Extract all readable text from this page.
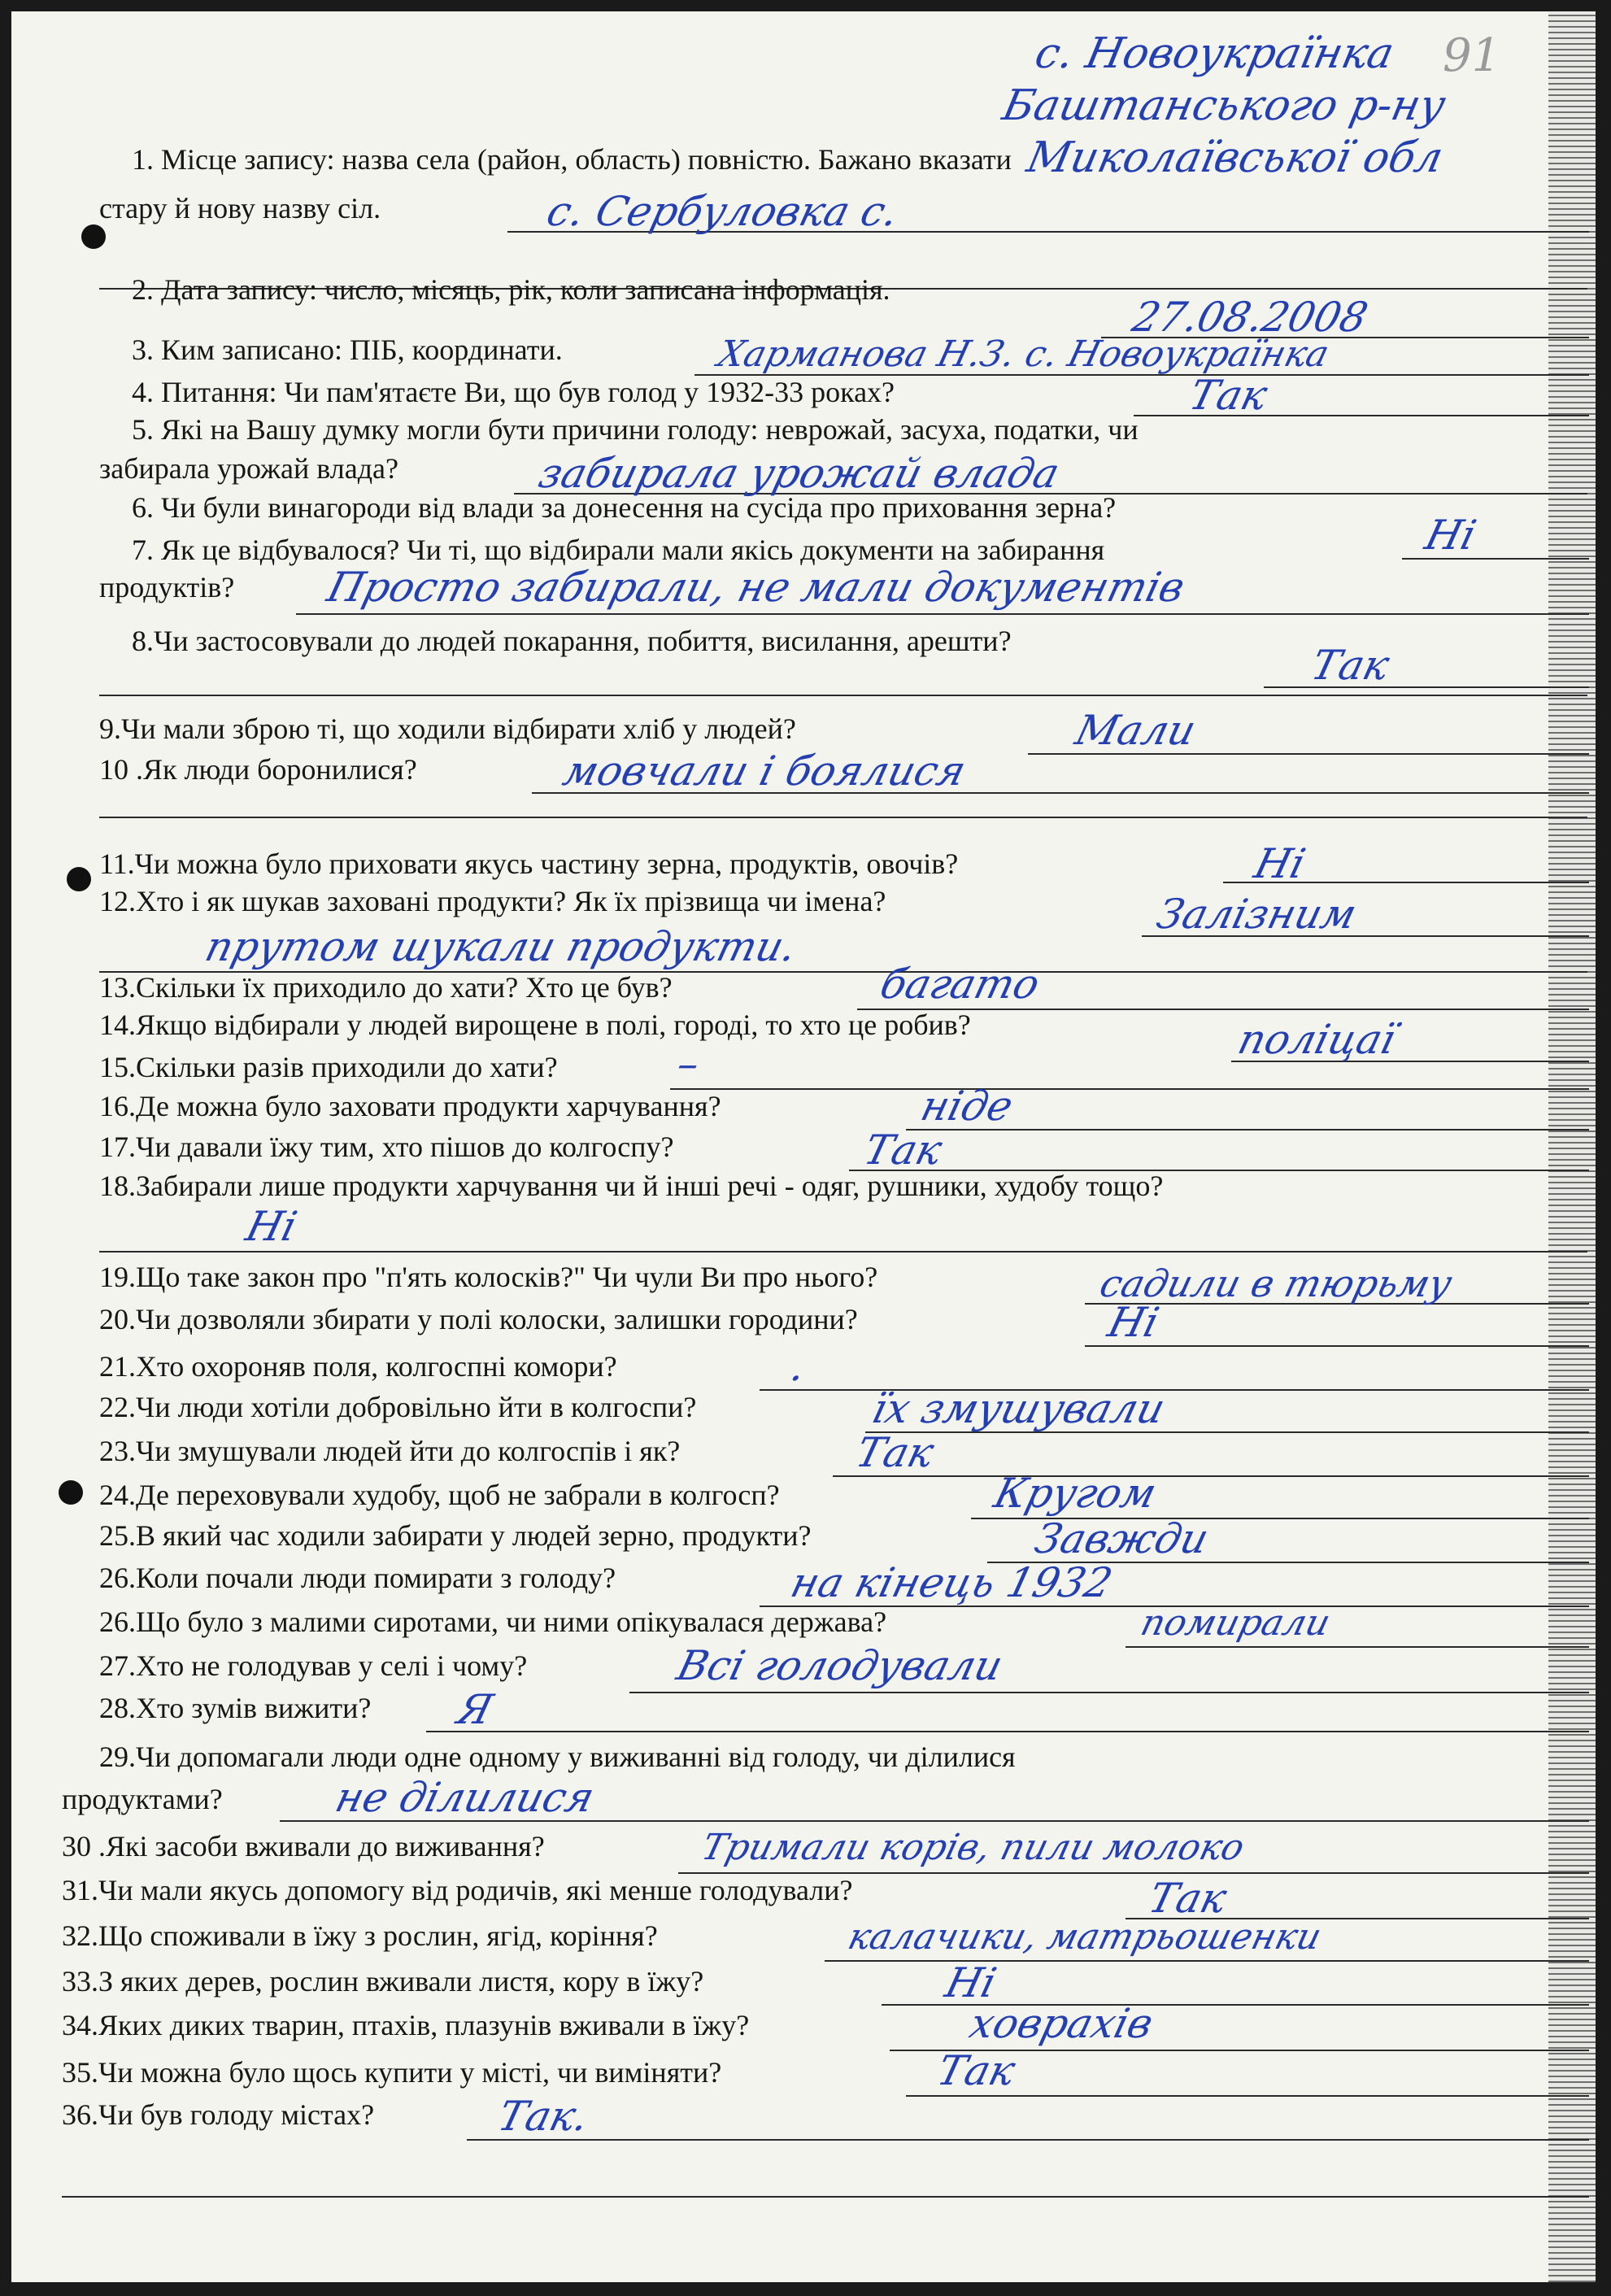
91
с. Новоукраїнка
Баштанського р-ну
Миколаївської обл
1. Місце запису: назва села (район, область) повністю. Бажано вказати
стару й нову назву сіл.	с. Сербуловка с.
2. Дата запису: число, місяць, рік, коли записана інформація.
27.08.2008
3. Ким записано: ПІБ, координати.	Харманова Н.З. с. Новоукраїнка
4. Питання: Чи пам'ятаєте Ви, що був голод у 1932-33 роках?	Так
5. Які на Вашу думку могли бути причини голоду: неврожай, засуха, податки, чи
забирала урожай влада?	забирала урожай влада
6. Чи були винагороди від влади за донесення на сусіда про приховання зерна?
Ні
7. Як це відбувалося? Чи ті, що відбирали мали якісь документи на забирання
продуктів?	Просто забирали, не мали документів
8.Чи застосовували до людей покарання, побиття, висилання, арешти?
Так
9.Чи мали зброю ті, що ходили відбирати хліб у людей?	Мали
10 .Як люди боронилися?	мовчали і боялися
11.Чи можна було приховати якусь частину зерна, продуктів, овочів?	Ні
12.Хто і як шукав заховані продукти? Як їх прізвища чи імена?	Залізним
прутом шукали продукти.
13.Скільки їх приходило до хати? Хто це був?	багато
14.Якщо відбирали у людей вирощене в полі, городі, то хто це робив?	поліцаї
15.Скільки разів приходили до хати?	–
16.Де можна було заховати продукти харчування?	ніде
17.Чи давали їжу тим, хто пішов до колгоспу?	Так
18.Забирали лише продукти харчування чи й інші речі - одяг, рушники, худобу тощо?
Ні
19.Що таке закон про "п'ять колосків?" Чи чули Ви про нього?	садили в тюрьму
20.Чи дозволяли збирати у полі колоски, залишки городини?	Ні
21.Хто охороняв поля, колгоспні комори?	.
22.Чи люди хотіли добровільно йти в колгоспи?	їх змушували
23.Чи змушували людей йти до колгоспів і як?	Так
24.Де переховували худобу, щоб не забрали в колгосп?	Кругом
25.В який час ходили забирати у людей зерно, продукти?	Завжди
26.Коли почали люди помирати з голоду?	на кінець 1932
26.Що було з малими сиротами, чи ними опікувалася держава?	помирали
27.Хто не голодував у селі і чому?	Всі голодували
28.Хто зумів вижити?	Я
29.Чи допомагали люди одне одному у виживанні від голоду, чи ділилися
продуктами?	не ділилися
30 .Які засоби вживали до виживання?	Тримали корів, пили молоко
31.Чи мали якусь допомогу від родичів, які менше голодували?	Так
32.Що споживали в їжу з рослин, ягід, коріння?	калачики, матрьошенки
33.З яких дерев, рослин вживали листя, кору в їжу?	Ні
34.Яких диких тварин, птахів, плазунів вживали в їжу?	ховрахів
35.Чи можна було щось купити у місті, чи виміняти?	Так
36.Чи був голоду містах?	Так.
